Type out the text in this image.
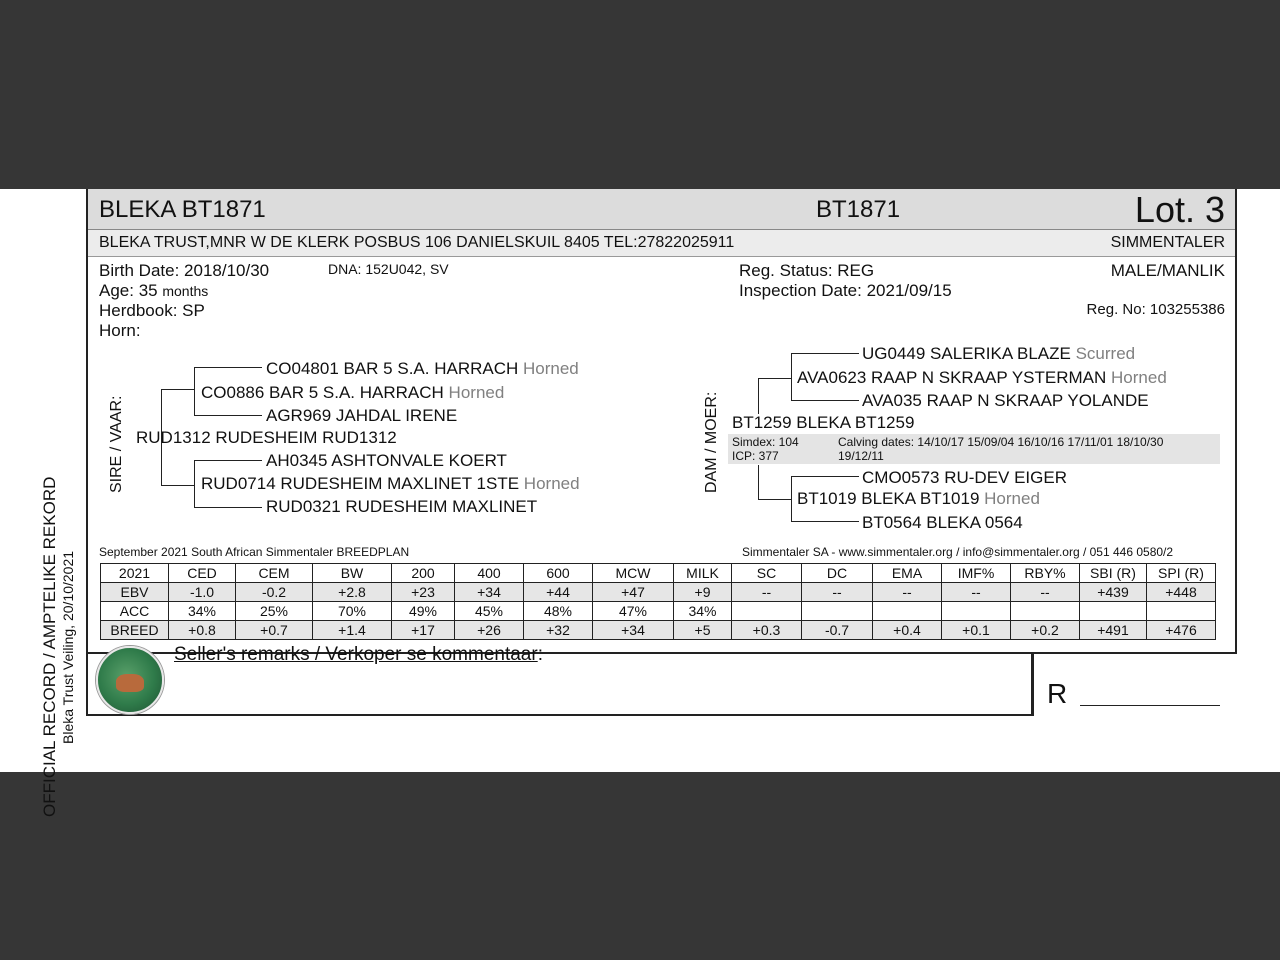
OFFICIAL RECORD / AMPTELIKE REKORD Bleka Trust Veiling, 20/10/2021
BLEKA BT1871	BT1871	Lot. 3
BLEKA TRUST,MNR W DE KLERK POSBUS 106 DANIELSKUIL 8405 TEL:27822025911	SIMMENTALER
Birth Date: 2018/10/30	DNA: 152U042, SV
Age: 35 months
Herdbook: SP
Horn:
Reg. Status: REG
Inspection Date: 2021/09/15
MALE/MANLIK
Reg. No: 103255386
SIRE / VAAR:	DAM / MOER:
CO04801 BAR 5 S.A. HARRACH Horned
CO0886 BAR 5 S.A. HARRACH Horned
AGR969 JAHDAL IRENE
RUD1312 RUDESHEIM RUD1312
AH0345 ASHTONVALE KOERT
RUD0714 RUDESHEIM MAXLINET 1STE Horned
RUD0321 RUDESHEIM MAXLINET
UG0449 SALERIKA BLAZE Scurred
AVA0623 RAAP N SKRAAP YSTERMAN Horned
AVA035 RAAP N SKRAAP YOLANDE
BT1259 BLEKA BT1259
Simdex: 104
ICP: 377
Calving dates: 14/10/17 15/09/04 16/10/16 17/11/01 18/10/30
19/12/11
CMO0573 RU-DEV EIGER
BT1019 BLEKA BT1019 Horned
BT0564 BLEKA 0564
September 2021 South African Simmentaler BREEDPLAN	Simmentaler SA - www.simmentaler.org / info@simmentaler.org / 051 446 0580/2
2021	CED	CEM	BW	200	400	600	MCW	MILK	SC	DC	EMA	IMF%	RBY%	SBI (R)	SPI (R)
EBV	-1.0	-0.2	+2.8	+23	+34	+44	+47	+9	--	--	--	--	--	+439	+448
ACC	34%	25%	70%	49%	45%	48%	47%	34%							
BREED	+0.8	+0.7	+1.4	+17	+26	+32	+34	+5	+0.3	-0.7	+0.4	+0.1	+0.2	+491	+476
Seller's remarks / Verkoper se kommentaar:
R
